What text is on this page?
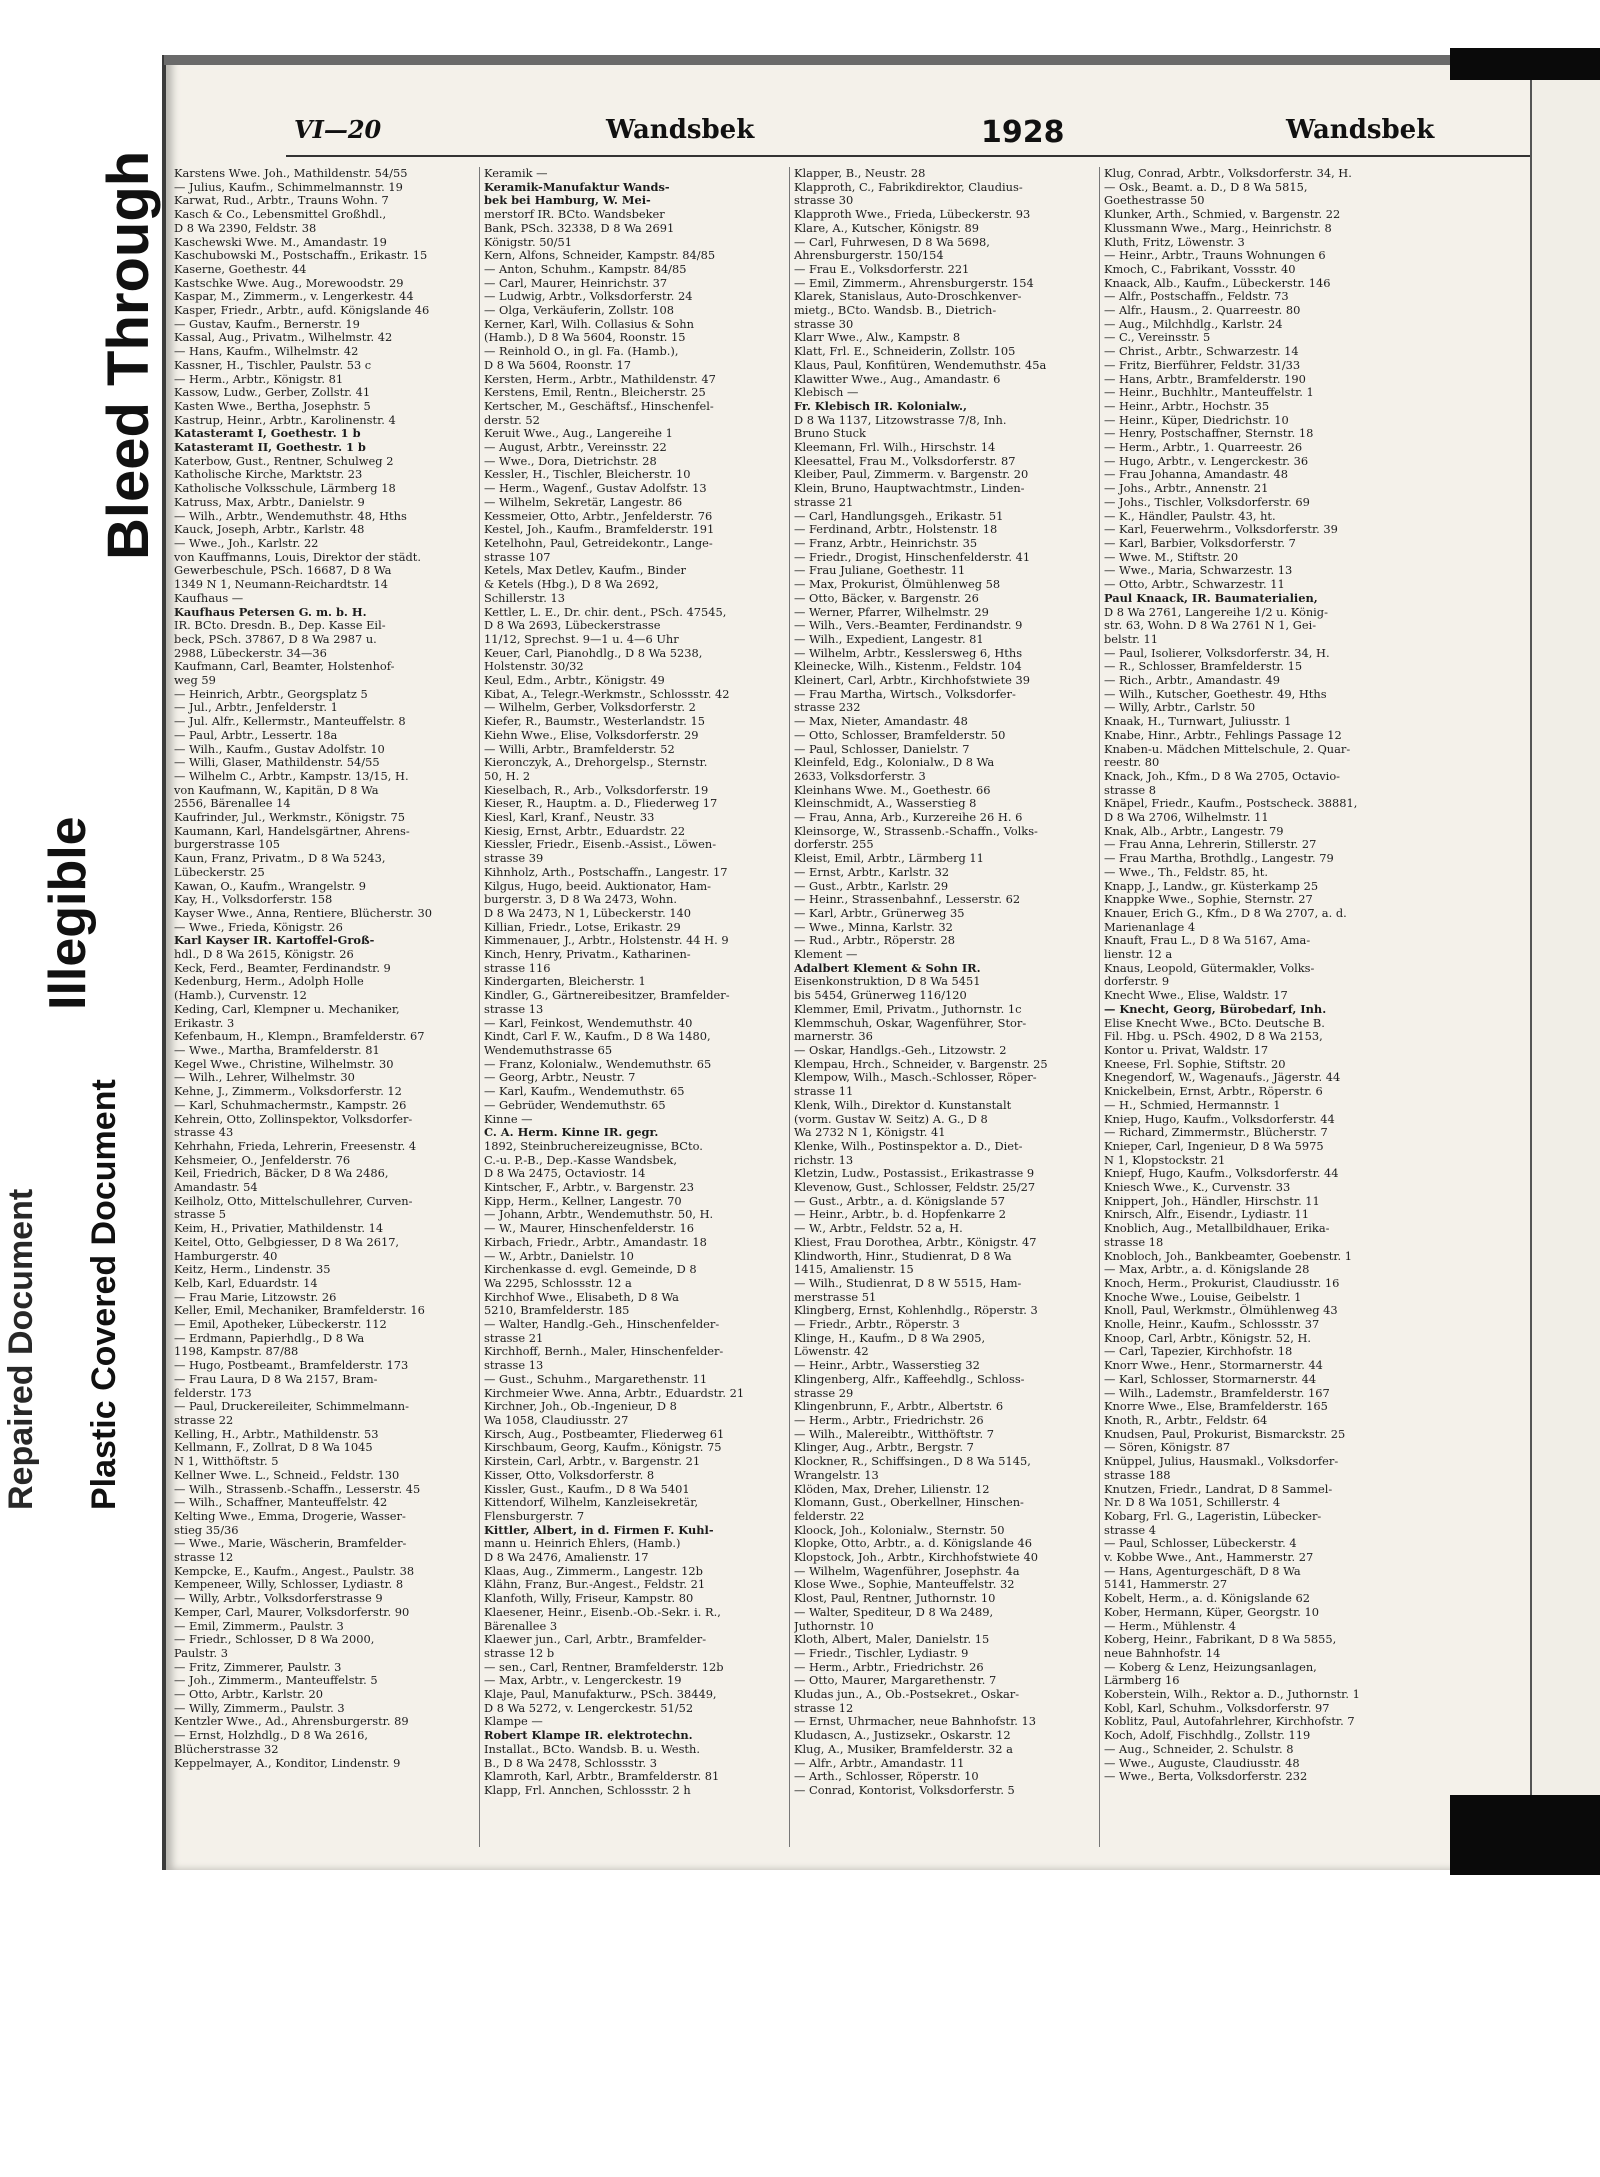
Bleed Through
Illegible
Plastic Covered Document
Repaired Document
VI—20	Wandsbek	1928	Wandsbek

Karstens Wwe. Joh., Mathildenstr. 54/55

— Julius, Kaufm., Schimmelmannstr. 19

Karwat, Rud., Arbtr., Trauns Wohn. 7

Kasch & Co., Lebensmittel Großhdl.,

D 8 Wa 2390, Feldstr. 38

Kaschewski Wwe. M., Amandastr. 19

Kaschubowski M., Postschaffn., Erikastr. 15

Kaserne, Goethestr. 44

Kastschke Wwe. Aug., Morewoodstr. 29

Kaspar, M., Zimmerm., v. Lengerkestr. 44

Kasper, Friedr., Arbtr., aufd. Königslande 46

— Gustav, Kaufm., Bernerstr. 19

Kassal, Aug., Privatm., Wilhelmstr. 42

— Hans, Kaufm., Wilhelmstr. 42

Kassner, H., Tischler, Paulstr. 53 c

— Herm., Arbtr., Königstr. 81

Kassow, Ludw., Gerber, Zollstr. 41

Kasten Wwe., Bertha, Josephstr. 5

Kastrup, Heinr., Arbtr., Karolinenstr. 4

Katasteramt I, Goethestr. 1 b

Katasteramt II, Goethestr. 1 b

Katerbow, Gust., Rentner, Schulweg 2

Katholische Kirche, Marktstr. 23

Katholische Volksschule, Lärmberg 18

Katruss, Max, Arbtr., Danielstr. 9

— Wilh., Arbtr., Wendemuthstr. 48, Hths

Kauck, Joseph, Arbtr., Karlstr. 48

— Wwe., Joh., Karlstr. 22

von Kauffmanns, Louis, Direktor der städt.

Gewerbeschule, PSch. 16687, D 8 Wa

1349 N 1, Neumann-Reichardtstr. 14

Kaufhaus —

Kaufhaus Petersen G. m. b. H.

IR. BCto. Dresdn. B., Dep. Kasse Eil-

beck, PSch. 37867, D 8 Wa 2987 u.

2988, Lübeckerstr. 34—36

Kaufmann, Carl, Beamter, Holstenhof-

weg 59

— Heinrich, Arbtr., Georgsplatz 5

— Jul., Arbtr., Jenfelderstr. 1

— Jul. Alfr., Kellermstr., Manteuffelstr. 8

— Paul, Arbtr., Lessertr. 18a

— Wilh., Kaufm., Gustav Adolfstr. 10

— Willi, Glaser, Mathildenstr. 54/55

— Wilhelm C., Arbtr., Kampstr. 13/15, H.

von Kaufmann, W., Kapitän, D 8 Wa

2556, Bärenallee 14

Kaufrinder, Jul., Werkmstr., Königstr. 75

Kaumann, Karl, Handelsgärtner, Ahrens-

burgerstrasse 105

Kaun, Franz, Privatm., D 8 Wa 5243,

Lübeckerstr. 25

Kawan, O., Kaufm., Wrangelstr. 9

Kay, H., Volksdorferstr. 158

Kayser Wwe., Anna, Rentiere, Blücherstr. 30

— Wwe., Frieda, Königstr. 26

Karl Kayser IR. Kartoffel-Groß-

hdl., D 8 Wa 2615, Königstr. 26

Keck, Ferd., Beamter, Ferdinandstr. 9

Kedenburg, Herm., Adolph Holle

(Hamb.), Curvenstr. 12

Keding, Carl, Klempner u. Mechaniker,

Erikastr. 3

Kefenbaum, H., Klempn., Bramfelderstr. 67

— Wwe., Martha, Bramfelderstr. 81

Kegel Wwe., Christine, Wilhelmstr. 30

— Wilh., Lehrer, Wilhelmstr. 30

Kehne, J., Zimmerm., Volksdorferstr. 12

— Karl, Schuhmachermstr., Kampstr. 26

Kehrein, Otto, Zollinspektor, Volksdorfer-

strasse 43

Kehrhahn, Frieda, Lehrerin, Freesenstr. 4

Kehsmeier, O., Jenfelderstr. 76

Keil, Friedrich, Bäcker, D 8 Wa 2486,

Amandastr. 54

Keilholz, Otto, Mittelschullehrer, Curven-

strasse 5

Keim, H., Privatier, Mathildenstr. 14

Keitel, Otto, Gelbgiesser, D 8 Wa 2617,

Hamburgerstr. 40

Keitz, Herm., Lindenstr. 35

Kelb, Karl, Eduardstr. 14

— Frau Marie, Litzowstr. 26

Keller, Emil, Mechaniker, Bramfelderstr. 16

— Emil, Apotheker, Lübeckerstr. 112

— Erdmann, Papierhdlg., D 8 Wa

1198, Kampstr. 87/88

— Hugo, Postbeamt., Bramfelderstr. 173

— Frau Laura, D 8 Wa 2157, Bram-

felderstr. 173

— Paul, Druckereileiter, Schimmelmann-

strasse 22

Kelling, H., Arbtr., Mathildenstr. 53

Kellmann, F., Zollrat, D 8 Wa 1045

N 1, Witthöftstr. 5

Kellner Wwe. L., Schneid., Feldstr. 130

— Wilh., Strassenb.-Schaffn., Lesserstr. 45

— Wilh., Schaffner, Manteuffelstr. 42

Kelting Wwe., Emma, Drogerie, Wasser-

stieg 35/36

— Wwe., Marie, Wäscherin, Bramfelder-

strasse 12

Kempcke, E., Kaufm., Angest., Paulstr. 38

Kempeneer, Willy, Schlosser, Lydiastr. 8

— Willy, Arbtr., Volksdorferstrasse 9

Kemper, Carl, Maurer, Volksdorferstr. 90

— Emil, Zimmerm., Paulstr. 3

— Friedr., Schlosser, D 8 Wa 2000,

Paulstr. 3

— Fritz, Zimmerer, Paulstr. 3

— Joh., Zimmerm., Manteuffelstr. 5

— Otto, Arbtr., Karlstr. 20

— Willy, Zimmerm., Paulstr. 3

Kentzler Wwe., Ad., Ahrensburgerstr. 89

— Ernst, Holzhdlg., D 8 Wa 2616,

Blücherstrasse 32

Keppelmayer, A., Konditor, Lindenstr. 9

Keramik —

Keramik-Manufaktur Wands-

bek bei Hamburg, W. Mei-

merstorf IR. BCto. Wandsbeker

Bank, PSch. 32338, D 8 Wa 2691

Königstr. 50/51

Kern, Alfons, Schneider, Kampstr. 84/85

— Anton, Schuhm., Kampstr. 84/85

— Carl, Maurer, Heinrichstr. 37

— Ludwig, Arbtr., Volksdorferstr. 24

— Olga, Verkäuferin, Zollstr. 108

Kerner, Karl, Wilh. Collasius & Sohn

(Hamb.), D 8 Wa 5604, Roonstr. 15

— Reinhold O., in gl. Fa. (Hamb.),

D 8 Wa 5604, Roonstr. 17

Kersten, Herm., Arbtr., Mathildenstr. 47

Kerstens, Emil, Rentn., Bleicherstr. 25

Kertscher, M., Geschäftsf., Hinschenfel-

derstr. 52

Keruit Wwe., Aug., Langereihe 1

— August, Arbtr., Vereinsstr. 22

— Wwe., Dora, Dietrichstr. 28

Kessler, H., Tischler, Bleicherstr. 10

— Herm., Wagenf., Gustav Adolfstr. 13

— Wilhelm, Sekretär, Langestr. 86

Kessmeier, Otto, Arbtr., Jenfelderstr. 76

Kestel, Joh., Kaufm., Bramfelderstr. 191

Ketelhohn, Paul, Getreidekontr., Lange-

strasse 107

Ketels, Max Detlev, Kaufm., Binder

& Ketels (Hbg.), D 8 Wa 2692,

Schillerstr. 13

Kettler, L. E., Dr. chir. dent., PSch. 47545,

D 8 Wa 2693, Lübeckerstrasse

11/12, Sprechst. 9—1 u. 4—6 Uhr

Keuer, Carl, Pianohdlg., D 8 Wa 5238,

Holstenstr. 30/32

Keul, Edm., Arbtr., Königstr. 49

Kibat, A., Telegr.-Werkmstr., Schlossstr. 42

— Wilhelm, Gerber, Volksdorferstr. 2

Kiefer, R., Baumstr., Westerlandstr. 15

Kiehn Wwe., Elise, Volksdorferstr. 29

— Willi, Arbtr., Bramfelderstr. 52

Kieronczyk, A., Drehorgelsp., Sternstr.

50, H. 2

Kieselbach, R., Arb., Volksdorferstr. 19

Kieser, R., Hauptm. a. D., Fliederweg 17

Kiesl, Karl, Kranf., Neustr. 33

Kiesig, Ernst, Arbtr., Eduardstr. 22

Kiessler, Friedr., Eisenb.-Assist., Löwen-

strasse 39

Kihnholz, Arth., Postschaffn., Langestr. 17

Kilgus, Hugo, beeid. Auktionator, Ham-

burgerstr. 3, D 8 Wa 2473, Wohn.

D 8 Wa 2473, N 1, Lübeckerstr. 140

Killian, Friedr., Lotse, Erikastr. 29

Kimmenauer, J., Arbtr., Holstenstr. 44 H. 9

Kinch, Henry, Privatm., Katharinen-

strasse 116

Kindergarten, Bleicherstr. 1

Kindler, G., Gärtnereibesitzer, Bramfelder-

strasse 13

— Karl, Feinkost, Wendemuthstr. 40

Kindt, Carl F. W., Kaufm., D 8 Wa 1480,

Wendemuthstrasse 65

— Franz, Kolonialw., Wendemuthstr. 65

— Georg, Arbtr., Neustr. 7

— Karl, Kaufm., Wendemuthstr. 65

— Gebrüder, Wendemuthstr. 65

Kinne —

C. A. Herm. Kinne IR. gegr.

1892, Steinbruchereizeugnisse, BCto.

C.-u. P.-B., Dep.-Kasse Wandsbek,

D 8 Wa 2475, Octaviostr. 14

Kintscher, F., Arbtr., v. Bargenstr. 23

Kipp, Herm., Kellner, Langestr. 70

— Johann, Arbtr., Wendemuthstr. 50, H.

— W., Maurer, Hinschenfelderstr. 16

Kirbach, Friedr., Arbtr., Amandastr. 18

— W., Arbtr., Danielstr. 10

Kirchenkasse d. evgl. Gemeinde, D 8

Wa 2295, Schlossstr. 12 a

Kirchhof Wwe., Elisabeth, D 8 Wa

5210, Bramfelderstr. 185

— Walter, Handlg.-Geh., Hinschenfelder-

strasse 21

Kirchhoff, Bernh., Maler, Hinschenfelder-

strasse 13

— Gust., Schuhm., Margarethenstr. 11

Kirchmeier Wwe. Anna, Arbtr., Eduardstr. 21

Kirchner, Joh., Ob.-Ingenieur, D 8

Wa 1058, Claudiusstr. 27

Kirsch, Aug., Postbeamter, Fliederweg 61

Kirschbaum, Georg, Kaufm., Königstr. 75

Kirstein, Carl, Arbtr., v. Bargenstr. 21

Kisser, Otto, Volksdorferstr. 8

Kissler, Gust., Kaufm., D 8 Wa 5401

Kittendorf, Wilhelm, Kanzleisekretär,

Flensburgerstr. 7

Kittler, Albert, in d. Firmen F. Kuhl-

mann u. Heinrich Ehlers, (Hamb.)

D 8 Wa 2476, Amalienstr. 17

Klaas, Aug., Zimmerm., Langestr. 12b

Klähn, Franz, Bur.-Angest., Feldstr. 21

Klanfoth, Willy, Friseur, Kampstr. 80

Klaesener, Heinr., Eisenb.-Ob.-Sekr. i. R.,

Bärenallee 3

Klaewer jun., Carl, Arbtr., Bramfelder-

strasse 12 b

— sen., Carl, Rentner, Bramfelderstr. 12b

— Max, Arbtr., v. Lengerckestr. 19

Klaje, Paul, Manufakturw., PSch. 38449,

D 8 Wa 5272, v. Lengerckestr. 51/52

Klampe —

Robert Klampe IR. elektrotechn.

Installat., BCto. Wandsb. B. u. Westh.

B., D 8 Wa 2478, Schlossstr. 3

Klamroth, Karl, Arbtr., Bramfelderstr. 81

Klapp, Frl. Annchen, Schlossstr. 2 h

Klapper, B., Neustr. 28

Klapproth, C., Fabrikdirektor, Claudius-

strasse 30

Klapproth Wwe., Frieda, Lübeckerstr. 93

Klare, A., Kutscher, Königstr. 89

— Carl, Fuhrwesen, D 8 Wa 5698,

Ahrensburgerstr. 150/154

— Frau E., Volksdorferstr. 221

— Emil, Zimmerm., Ahrensburgerstr. 154

Klarek, Stanislaus, Auto-Droschkenver-

mietg., BCto. Wandsb. B., Dietrich-

strasse 30

Klarr Wwe., Alw., Kampstr. 8

Klatt, Frl. E., Schneiderin, Zollstr. 105

Klaus, Paul, Konfitüren, Wendemuthstr. 45a

Klawitter Wwe., Aug., Amandastr. 6

Klebisch —

Fr. Klebisch IR. Kolonialw.,

D 8 Wa 1137, Litzowstrasse 7/8, Inh.

Bruno Stuck

Kleemann, Frl. Wilh., Hirschstr. 14

Kleesattel, Frau M., Volksdorferstr. 87

Kleiber, Paul, Zimmerm. v. Bargenstr. 20

Klein, Bruno, Hauptwachtmstr., Linden-

strasse 21

— Carl, Handlungsgeh., Erikastr. 51

— Ferdinand, Arbtr., Holstenstr. 18

— Franz, Arbtr., Heinrichstr. 35

— Friedr., Drogist, Hinschenfelderstr. 41

— Frau Juliane, Goethestr. 11

— Max, Prokurist, Ölmühlenweg 58

— Otto, Bäcker, v. Bargenstr. 26

— Werner, Pfarrer, Wilhelmstr. 29

— Wilh., Vers.-Beamter, Ferdinandstr. 9

— Wilh., Expedient, Langestr. 81

— Wilhelm, Arbtr., Kesslersweg 6, Hths

Kleinecke, Wilh., Kistenm., Feldstr. 104

Kleinert, Carl, Arbtr., Kirchhofstwiete 39

— Frau Martha, Wirtsch., Volksdorfer-

strasse 232

— Max, Nieter, Amandastr. 48

— Otto, Schlosser, Bramfelderstr. 50

— Paul, Schlosser, Danielstr. 7

Kleinfeld, Edg., Kolonialw., D 8 Wa

2633, Volksdorferstr. 3

Kleinhans Wwe. M., Goethestr. 66

Kleinschmidt, A., Wasserstieg 8

— Frau, Anna, Arb., Kurzereihe 26 H. 6

Kleinsorge, W., Strassenb.-Schaffn., Volks-

dorferstr. 255

Kleist, Emil, Arbtr., Lärmberg 11

— Ernst, Arbtr., Karlstr. 32

— Gust., Arbtr., Karlstr. 29

— Heinr., Strassenbahnf., Lesserstr. 62

— Karl, Arbtr., Grünerweg 35

— Wwe., Minna, Karlstr. 32

— Rud., Arbtr., Röperstr. 28

Klement —

Adalbert Klement & Sohn IR.

Eisenkonstruktion, D 8 Wa 5451

bis 5454, Grünerweg 116/120

Klemmer, Emil, Privatm., Juthornstr. 1c

Klemmschuh, Oskar, Wagenführer, Stor-

marnerstr. 36

— Oskar, Handlgs.-Geh., Litzowstr. 2

Klempau, Hrch., Schneider, v. Bargenstr. 25

Klempow, Wilh., Masch.-Schlosser, Röper-

strasse 11

Klenk, Wilh., Direktor d. Kunstanstalt

(vorm. Gustav W. Seitz) A. G., D 8

Wa 2732 N 1, Königstr. 41

Klenke, Wilh., Postinspektor a. D., Diet-

richstr. 13

Kletzin, Ludw., Postassist., Erikastrasse 9

Klevenow, Gust., Schlosser, Feldstr. 25/27

— Gust., Arbtr., a. d. Königslande 57

— Heinr., Arbtr., b. d. Hopfenkarre 2

— W., Arbtr., Feldstr. 52 a, H.

Kliest, Frau Dorothea, Arbtr., Königstr. 47

Klindworth, Hinr., Studienrat, D 8 Wa

1415, Amalienstr. 15

— Wilh., Studienrat, D 8 W 5515, Ham-

merstrasse 51

Klingberg, Ernst, Kohlenhdlg., Röperstr. 3

— Friedr., Arbtr., Röperstr. 3

Klinge, H., Kaufm., D 8 Wa 2905,

Löwenstr. 42

— Heinr., Arbtr., Wasserstieg 32

Klingenberg, Alfr., Kaffeehdlg., Schloss-

strasse 29

Klingenbrunn, F., Arbtr., Albertstr. 6

— Herm., Arbtr., Friedrichstr. 26

— Wilh., Malereibtr., Witthöftstr. 7

Klinger, Aug., Arbtr., Bergstr. 7

Klockner, R., Schiffsingen., D 8 Wa 5145,

Wrangelstr. 13

Klöden, Max, Dreher, Lilienstr. 12

Klomann, Gust., Oberkellner, Hinschen-

felderstr. 22

Kloock, Joh., Kolonialw., Sternstr. 50

Klopke, Otto, Arbtr., a. d. Königslande 46

Klopstock, Joh., Arbtr., Kirchhofstwiete 40

— Wilhelm, Wagenführer, Josephstr. 4a

Klose Wwe., Sophie, Manteuffelstr. 32

Klost, Paul, Rentner, Juthornstr. 10

— Walter, Spediteur, D 8 Wa 2489,

Juthornstr. 10

Kloth, Albert, Maler, Danielstr. 15

— Friedr., Tischler, Lydiastr. 9

— Herm., Arbtr., Friedrichstr. 26

— Otto, Maurer, Margarethenstr. 7

Kludas jun., A., Ob.-Postsekret., Oskar-

strasse 12

— Ernst, Uhrmacher, neue Bahnhofstr. 13

Kludascn, A., Justizsekr., Oskarstr. 12

Klug, A., Musiker, Bramfelderstr. 32 a

— Alfr., Arbtr., Amandastr. 11

— Arth., Schlosser, Röperstr. 10

— Conrad, Kontorist, Volksdorferstr. 5

Klug, Conrad, Arbtr., Volksdorferstr. 34, H.

— Osk., Beamt. a. D., D 8 Wa 5815,

Goethestrasse 50

Klunker, Arth., Schmied, v. Bargenstr. 22

Klussmann Wwe., Marg., Heinrichstr. 8

Kluth, Fritz, Löwenstr. 3

— Heinr., Arbtr., Trauns Wohnungen 6

Kmoch, C., Fabrikant, Vossstr. 40

Knaack, Alb., Kaufm., Lübeckerstr. 146

— Alfr., Postschaffn., Feldstr. 73

— Alfr., Hausm., 2. Quarreestr. 80

— Aug., Milchhdlg., Karlstr. 24

— C., Vereinsstr. 5

— Christ., Arbtr., Schwarzestr. 14

— Fritz, Bierführer, Feldstr. 31/33

— Hans, Arbtr., Bramfelderstr. 190

— Heinr., Buchhltr., Manteuffelstr. 1

— Heinr., Arbtr., Hochstr. 35

— Heinr., Küper, Diedrichstr. 10

— Henry, Postschaffner, Sternstr. 18

— Herm., Arbtr., 1. Quarreestr. 26

— Hugo, Arbtr., v. Lengerckestr. 36

— Frau Johanna, Amandastr. 48

— Johs., Arbtr., Annenstr. 21

— Johs., Tischler, Volksdorferstr. 69

— K., Händler, Paulstr. 43, ht.

— Karl, Feuerwehrm., Volksdorferstr. 39

— Karl, Barbier, Volksdorferstr. 7

— Wwe. M., Stiftstr. 20

— Wwe., Maria, Schwarzestr. 13

— Otto, Arbtr., Schwarzestr. 11

Paul Knaack, IR. Baumaterialien,

D 8 Wa 2761, Langereihe 1/2 u. König-

str. 63, Wohn. D 8 Wa 2761 N 1, Gei-

belstr. 11

— Paul, Isolierer, Volksdorferstr. 34, H.

— R., Schlosser, Bramfelderstr. 15

— Rich., Arbtr., Amandastr. 49

— Wilh., Kutscher, Goethestr. 49, Hths

— Willy, Arbtr., Carlstr. 50

Knaak, H., Turnwart, Juliusstr. 1

Knabe, Hinr., Arbtr., Fehlings Passage 12

Knaben-u. Mädchen Mittelschule, 2. Quar-

reestr. 80

Knack, Joh., Kfm., D 8 Wa 2705, Octavio-

strasse 8

Knäpel, Friedr., Kaufm., Postscheck. 38881,

D 8 Wa 2706, Wilhelmstr. 11

Knak, Alb., Arbtr., Langestr. 79

— Frau Anna, Lehrerin, Stillerstr. 27

— Frau Martha, Brothdlg., Langestr. 79

— Wwe., Th., Feldstr. 85, ht.

Knapp, J., Landw., gr. Küsterkamp 25

Knappke Wwe., Sophie, Sternstr. 27

Knauer, Erich G., Kfm., D 8 Wa 2707, a. d.

Marienanlage 4

Knauft, Frau L., D 8 Wa 5167, Ama-

lienstr. 12 a

Knaus, Leopold, Gütermakler, Volks-

dorferstr. 9

Knecht Wwe., Elise, Waldstr. 17

— Knecht, Georg, Bürobedarf, Inh.

Elise Knecht Wwe., BCto. Deutsche B.

Fil. Hbg. u. PSch. 4902, D 8 Wa 2153,

Kontor u. Privat, Waldstr. 17

Kneese, Frl. Sophie, Stiftstr. 20

Knegendorf, W., Wagenaufs., Jägerstr. 44

Knickelbein, Ernst, Arbtr., Röperstr. 6

— H., Schmied, Hermannstr. 1

Kniep, Hugo, Kaufm., Volksdorferstr. 44

— Richard, Zimmermstr., Blücherstr. 7

Knieper, Carl, Ingenieur, D 8 Wa 5975

N 1, Klopstockstr. 21

Kniepf, Hugo, Kaufm., Volksdorferstr. 44

Kniesch Wwe., K., Curvenstr. 33

Knippert, Joh., Händler, Hirschstr. 11

Knirsch, Alfr., Eisendr., Lydiastr. 11

Knoblich, Aug., Metallbildhauer, Erika-

strasse 18

Knobloch, Joh., Bankbeamter, Goebenstr. 1

— Max, Arbtr., a. d. Königslande 28

Knoch, Herm., Prokurist, Claudiusstr. 16

Knoche Wwe., Louise, Geibelstr. 1

Knoll, Paul, Werkmstr., Ölmühlenweg 43

Knolle, Heinr., Kaufm., Schlossstr. 37

Knoop, Carl, Arbtr., Königstr. 52, H.

— Carl, Tapezier, Kirchhofstr. 18

Knorr Wwe., Henr., Stormarnerstr. 44

— Karl, Schlosser, Stormarnerstr. 44

— Wilh., Lademstr., Bramfelderstr. 167

Knorre Wwe., Else, Bramfelderstr. 165

Knoth, R., Arbtr., Feldstr. 64

Knudsen, Paul, Prokurist, Bismarckstr. 25

— Sören, Königstr. 87

Knüppel, Julius, Hausmakl., Volksdorfer-

strasse 188

Knutzen, Friedr., Landrat, D 8 Sammel-

Nr. D 8 Wa 1051, Schillerstr. 4

Kobarg, Frl. G., Lageristin, Lübecker-

strasse 4

— Paul, Schlosser, Lübeckerstr. 4

v. Kobbe Wwe., Ant., Hammerstr. 27

— Hans, Agenturgeschäft, D 8 Wa

5141, Hammerstr. 27

Kobelt, Herm., a. d. Königslande 62

Kober, Hermann, Küper, Georgstr. 10

— Herm., Mühlenstr. 4

Koberg, Heinr., Fabrikant, D 8 Wa 5855,

neue Bahnhofstr. 14

— Koberg & Lenz, Heizungsanlagen,

Lärmberg 16

Koberstein, Wilh., Rektor a. D., Juthornstr. 1

Kobl, Karl, Schuhm., Volksdorferstr. 97

Koblitz, Paul, Autofahrlehrer, Kirchhofstr. 7

Koch, Adolf, Fischhdlg., Zollstr. 119

— Aug., Schneider, 2. Schulstr. 8

— Wwe., Auguste, Claudiusstr. 48

— Wwe., Berta, Volksdorferstr. 232
